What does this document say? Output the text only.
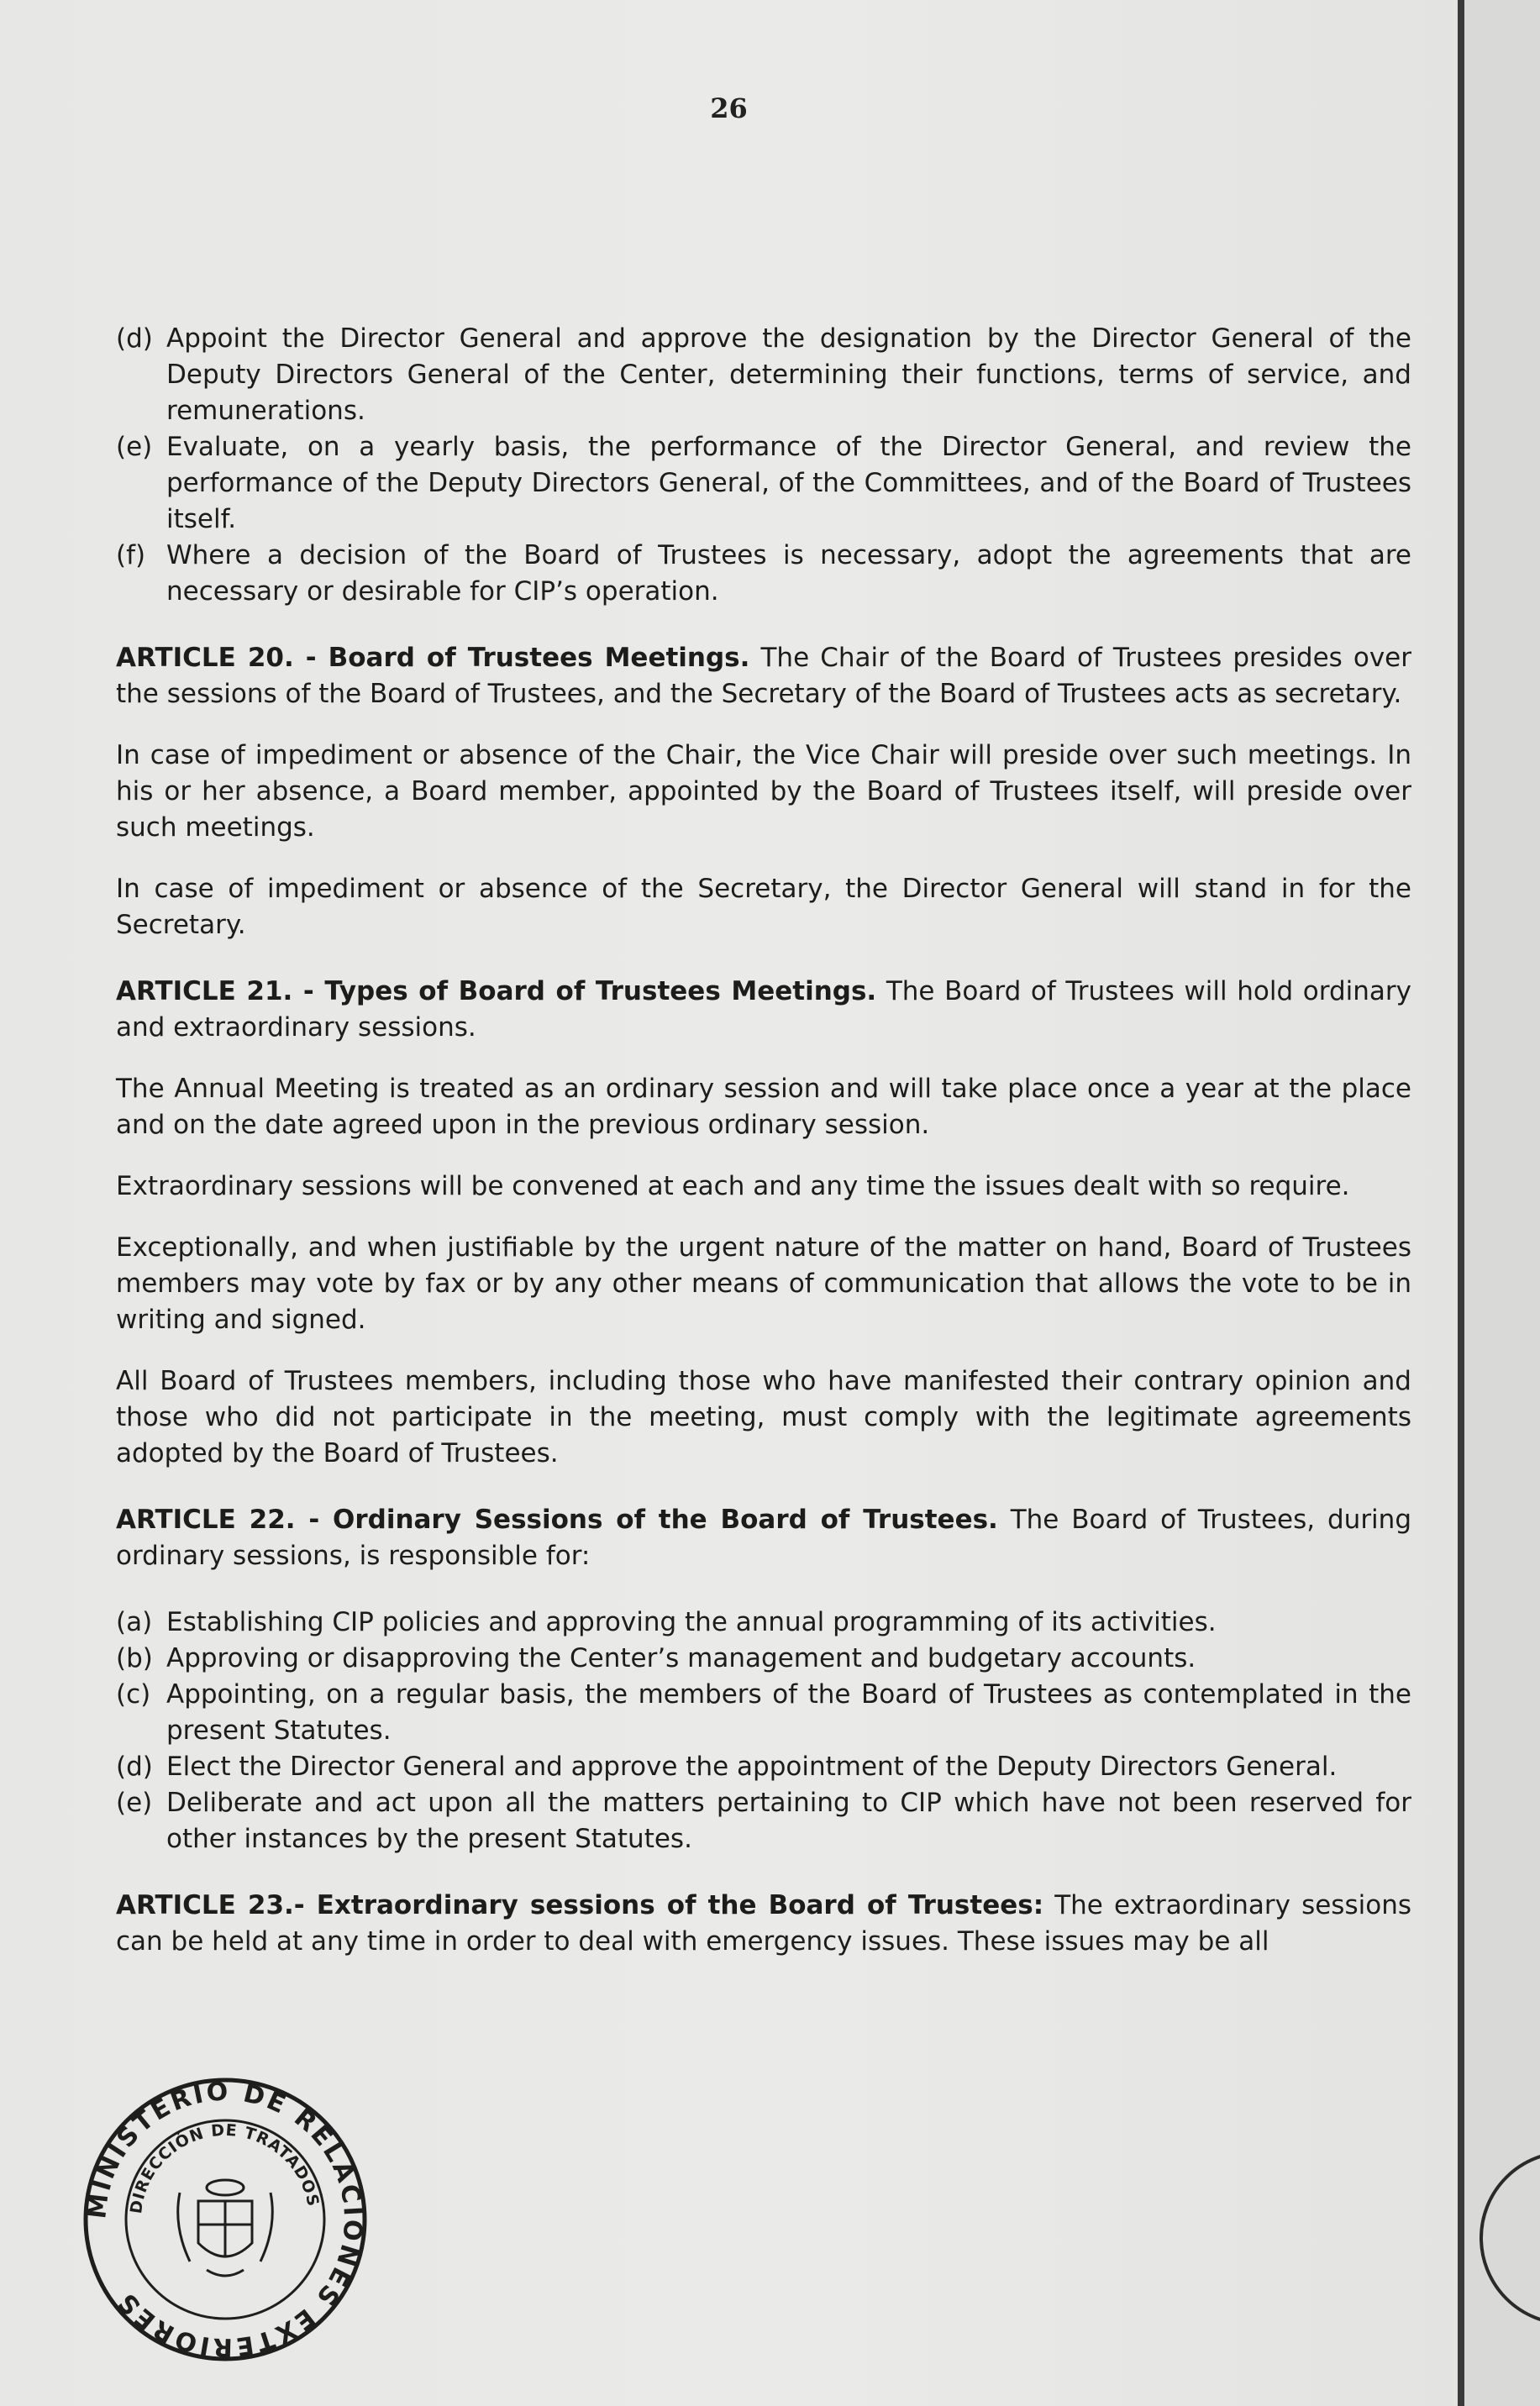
26
(d) Appoint the Director General and approve the designation by the Director General of the Deputy Directors General of the Center, determining their functions, terms of service, and remunerations.
(e) Evaluate, on a yearly basis, the performance of the Director General, and review the performance of the Deputy Directors General, of the Committees, and of the Board of Trustees itself.
(f) Where a decision of the Board of Trustees is necessary, adopt the agreements that are necessary or desirable for CIP’s operation.

ARTICLE 20. - Board of Trustees Meetings. The Chair of the Board of Trustees presides over the sessions of the Board of Trustees, and the Secretary of the Board of Trustees acts as secretary.

In case of impediment or absence of the Chair, the Vice Chair will preside over such meetings. In his or her absence, a Board member, appointed by the Board of Trustees itself, will preside over such meetings.

In case of impediment or absence of the Secretary, the Director General will stand in for the Secretary.

ARTICLE 21. - Types of Board of Trustees Meetings. The Board of Trustees will hold ordinary and extraordinary sessions.

The Annual Meeting is treated as an ordinary session and will take place once a year at the place and on the date agreed upon in the previous ordinary session.

Extraordinary sessions will be convened at each and any time the issues dealt with so require.

Exceptionally, and when justifiable by the urgent nature of the matter on hand, Board of Trustees members may vote by fax or by any other means of communication that allows the vote to be in writing and signed.

All Board of Trustees members, including those who have manifested their contrary opinion and those who did not participate in the meeting, must comply with the legitimate agreements adopted by the Board of Trustees.

ARTICLE 22. - Ordinary Sessions of the Board of Trustees. The Board of Trustees, during ordinary sessions, is responsible for:

(a) Establishing CIP policies and approving the annual programming of its activities.
(b) Approving or disapproving the Center’s management and budgetary accounts.
(c) Appointing, on a regular basis, the members of the Board of Trustees as contemplated in the present Statutes.
(d) Elect the Director General and approve the appointment of the Deputy Directors General.
(e) Deliberate and act upon all the matters pertaining to CIP which have not been reserved for other instances by the present Statutes.

ARTICLE 23.- Extraordinary sessions of the Board of Trustees: The extraordinary sessions can be held at any time in order to deal with emergency issues. These issues may be all

MINISTERIO DE RELACIONES EXTERIORES
DIRECCIÓN DE TRATADOS
